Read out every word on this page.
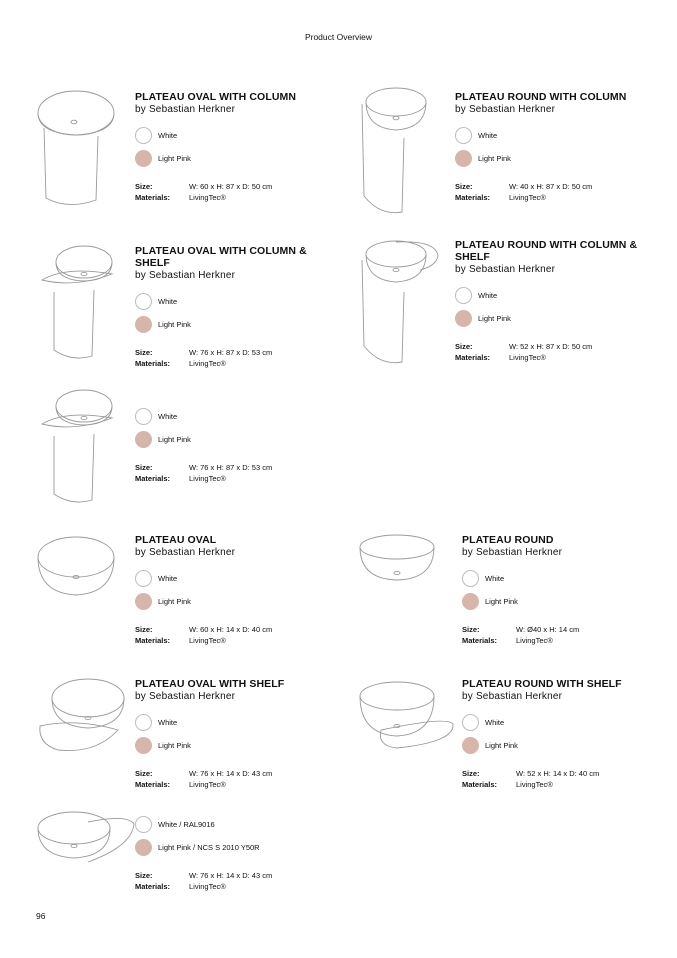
Product Overview
PLATEAU OVAL WITH COLUMN
by Sebastian Herkner
White
Light Pink
Size:	W: 60 x H: 87 x D: 50 cm
Materials:	LivingTec®
PLATEAU ROUND WITH COLUMN
by Sebastian Herkner
White
Light Pink
Size:	W: 40 x H: 87 x D: 50 cm
Materials:	LivingTec®
PLATEAU OVAL WITH COLUMN &
SHELF
by Sebastian Herkner
White
Light Pink
Size:	W: 76 x H: 87 x D: 53 cm
Materials:	LivingTec®
PLATEAU ROUND WITH COLUMN &
SHELF
by Sebastian Herkner
White
Light Pink
Size:	W: 52 x H: 87 x D: 50 cm
Materials:	LivingTec®
White
Light Pink
Size:	W: 76 x H: 87 x D: 53 cm
Materials:	LivingTec®
PLATEAU OVAL
by Sebastian Herkner
White
Light Pink
Size:	W: 60 x H: 14 x D: 40 cm
Materials:	LivingTec®
PLATEAU ROUND
by Sebastian Herkner
White
Light Pink
Size:	W: Ø40 x H: 14 cm
Materials:	LivingTec®
PLATEAU OVAL WITH SHELF
by Sebastian Herkner
White
Light Pink
Size:	W: 76 x H: 14 x D: 43 cm
Materials:	LivingTec®
PLATEAU ROUND WITH SHELF
by Sebastian Herkner
White
Light Pink
Size:	W: 52 x H: 14 x D: 40 cm
Materials:	LivingTec®
White / RAL9016
Light Pink / NCS S 2010 Y50R
Size:	W: 76 x H: 14 x D: 43 cm
Materials:	LivingTec®
96
